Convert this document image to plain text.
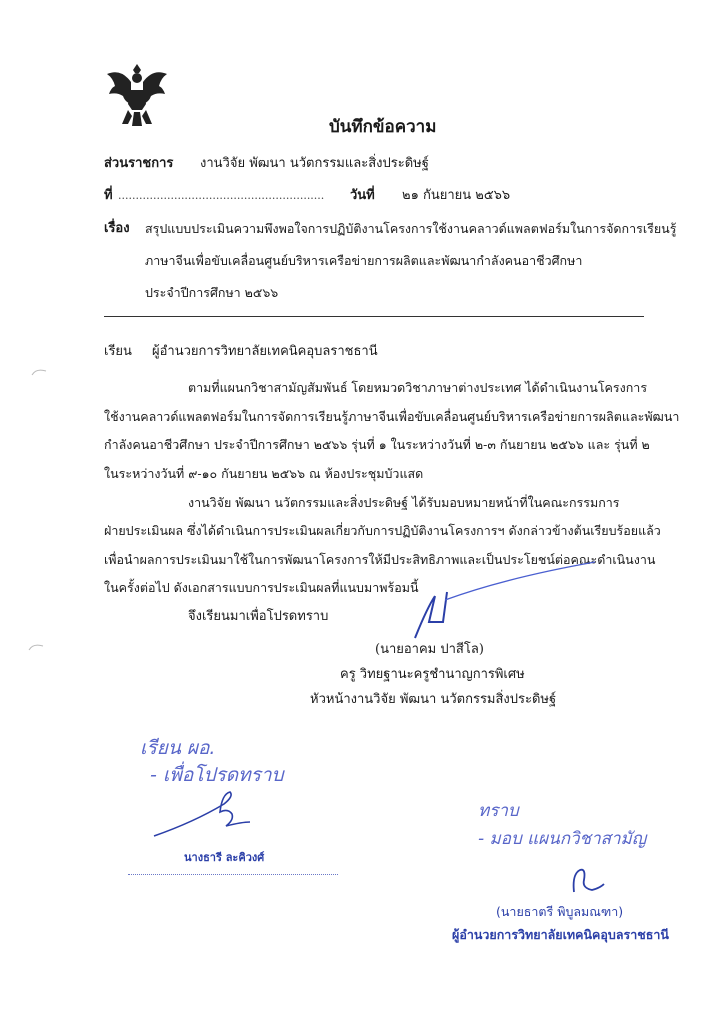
บันทึกข้อความ
ส่วนราชการ งานวิจัย พัฒนา นวัตกรรมและสิ่งประดิษฐ์
ที่ ........................................................... วันที่ ๒๑ กันยายน ๒๕๖๖
เรื่อง สรุปแบบประเมินความพึงพอใจการปฏิบัติงานโครงการใช้งานคลาวด์แพลตฟอร์มในการจัดการเรียนรู้
ภาษาจีนเพื่อขับเคลื่อนศูนย์บริหารเครือข่ายการผลิตและพัฒนากำลังคนอาชีวศึกษา
ประจำปีการศึกษา ๒๕๖๖
เรียน ผู้อำนวยการวิทยาลัยเทคนิคอุบลราชธานี
ตามที่แผนกวิชาสามัญสัมพันธ์ โดยหมวดวิชาภาษาต่างประเทศ ได้ดำเนินงานโครงการ
ใช้งานคลาวด์แพลตฟอร์มในการจัดการเรียนรู้ภาษาจีนเพื่อขับเคลื่อนศูนย์บริหารเครือข่ายการผลิตและพัฒนา
กำลังคนอาชีวศึกษา ประจำปีการศึกษา ๒๕๖๖ รุ่นที่ ๑ ในระหว่างวันที่ ๒-๓ กันยายน ๒๕๖๖ และ รุ่นที่ ๒
ในระหว่างวันที่ ๙-๑๐ กันยายน ๒๕๖๖ ณ ห้องประชุมบัวแสด
งานวิจัย พัฒนา นวัตกรรมและสิ่งประดิษฐ์ ได้รับมอบหมายหน้าที่ในคณะกรรมการ
ฝ่ายประเมินผล ซึ่งได้ดำเนินการประเมินผลเกี่ยวกับการปฏิบัติงานโครงการฯ ดังกล่าวข้างต้นเรียบร้อยแล้ว
เพื่อนำผลการประเมินมาใช้ในการพัฒนาโครงการให้มีประสิทธิภาพและเป็นประโยชน์ต่อคณะดำเนินงาน
ในครั้งต่อไป ดังเอกสารแบบการประเมินผลที่แนบมาพร้อมนี้
จึงเรียนมาเพื่อโปรดทราบ
(นายอาคม ปาสีโล)
ครู วิทยฐานะครูชำนาญการพิเศษ
หัวหน้างานวิจัย พัฒนา นวัตกรรมสิ่งประดิษฐ์
เรียน ผอ.
- เพื่อโปรดทราบ
นางธารี ละคิวงศ์
ทราบ
- มอบ แผนกวิชาสามัญ
(นายธาตรี พิบูลมณฑา)
ผู้อำนวยการวิทยาลัยเทคนิคอุบลราชธานี
